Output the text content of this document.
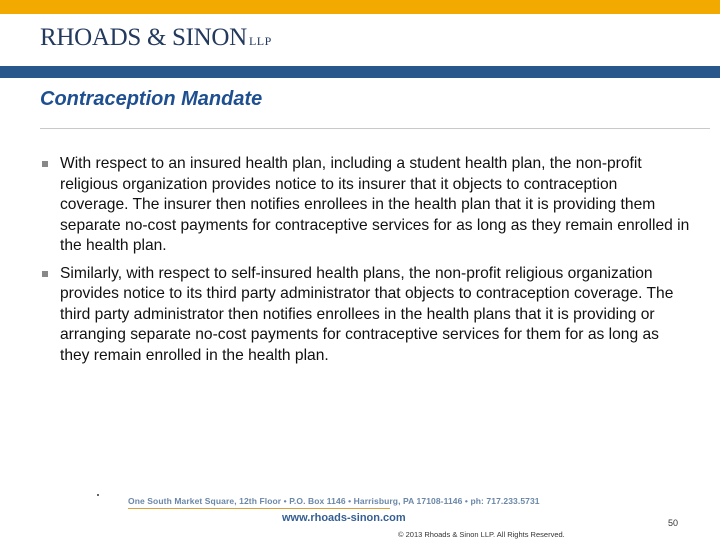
RHOADS & SINON LLP
Contraception Mandate
With respect to an insured health plan, including a student health plan, the non-profit religious organization provides notice to its insurer that it objects to contraception coverage. The insurer then notifies enrollees in the health plan that it is providing them separate no-cost payments for contraceptive services for as long as they remain enrolled in the health plan.
Similarly, with respect to self-insured health plans, the non-profit religious organization provides notice to its third party administrator that objects to contraception coverage. The third party administrator then notifies enrollees in the health plans that it is providing or arranging separate no-cost payments for contraceptive services for them for as long as they remain enrolled in the health plan.
One South Market Square, 12th Floor • P.O. Box 1146 • Harrisburg, PA 17108-1146 • ph: 717.233.5731
www.rhoads-sinon.com	50
© 2013 Rhoads & Sinon LLP. All Rights Reserved.
